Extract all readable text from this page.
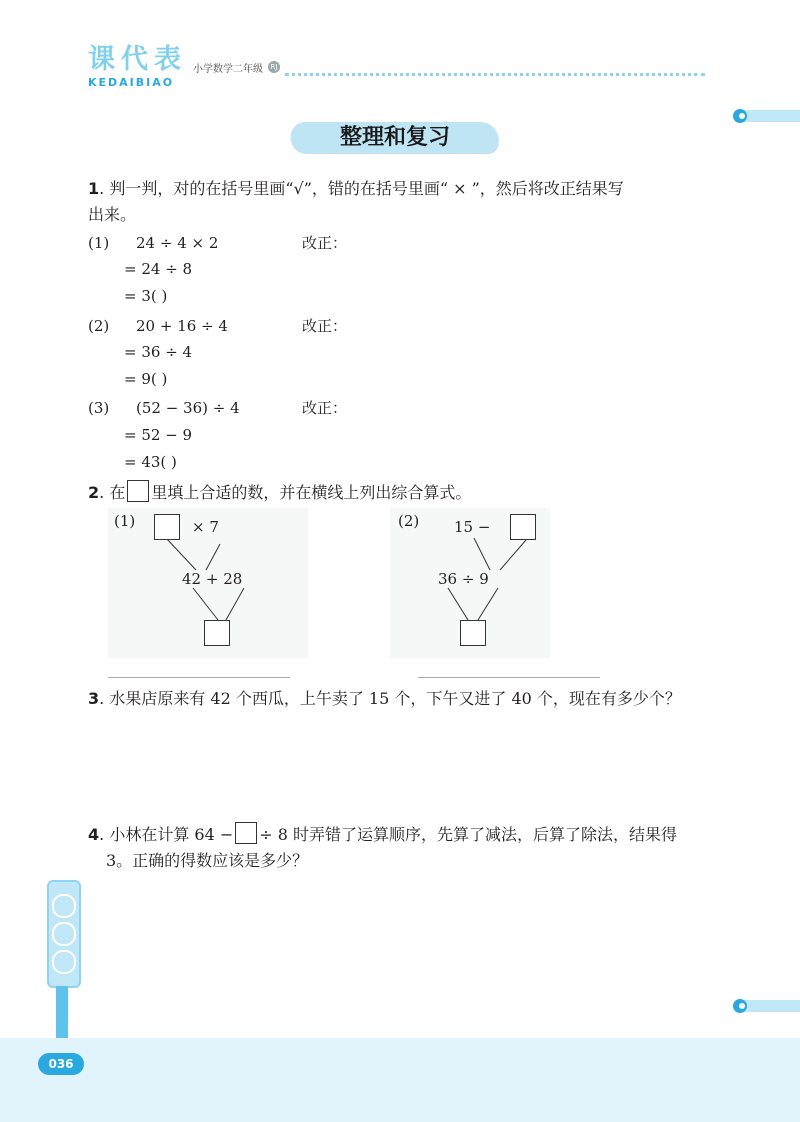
课代表
KEDAIBIAO
小学数学二年级	RJ
整理和复习
1. 判一判，对的在括号里画“√”，错的在括号里画“ × ”，然后将改正结果写
出来。
(1) 24 ÷ 4 × 2	改正：
= 24 ÷ 8
= 3( )
(2) 20 + 16 ÷ 4	改正：
= 36 ÷ 4
= 9( )
(3) (52 − 36) ÷ 4	改正：
= 52 − 9
= 43( )
2. 在 里填上合适的数，并在横线上列出综合算式。
(1)	× 7
42 + 28
(2) 15 −
36 ÷ 9
3. 水果店原来有 42 个西瓜，上午卖了 15 个，下午又进了 40 个，现在有多少个？
4. 小林在计算 64 − ÷ 8 时弄错了运算顺序，先算了减法，后算了除法，结果得
3。正确的得数应该是多少？
036
